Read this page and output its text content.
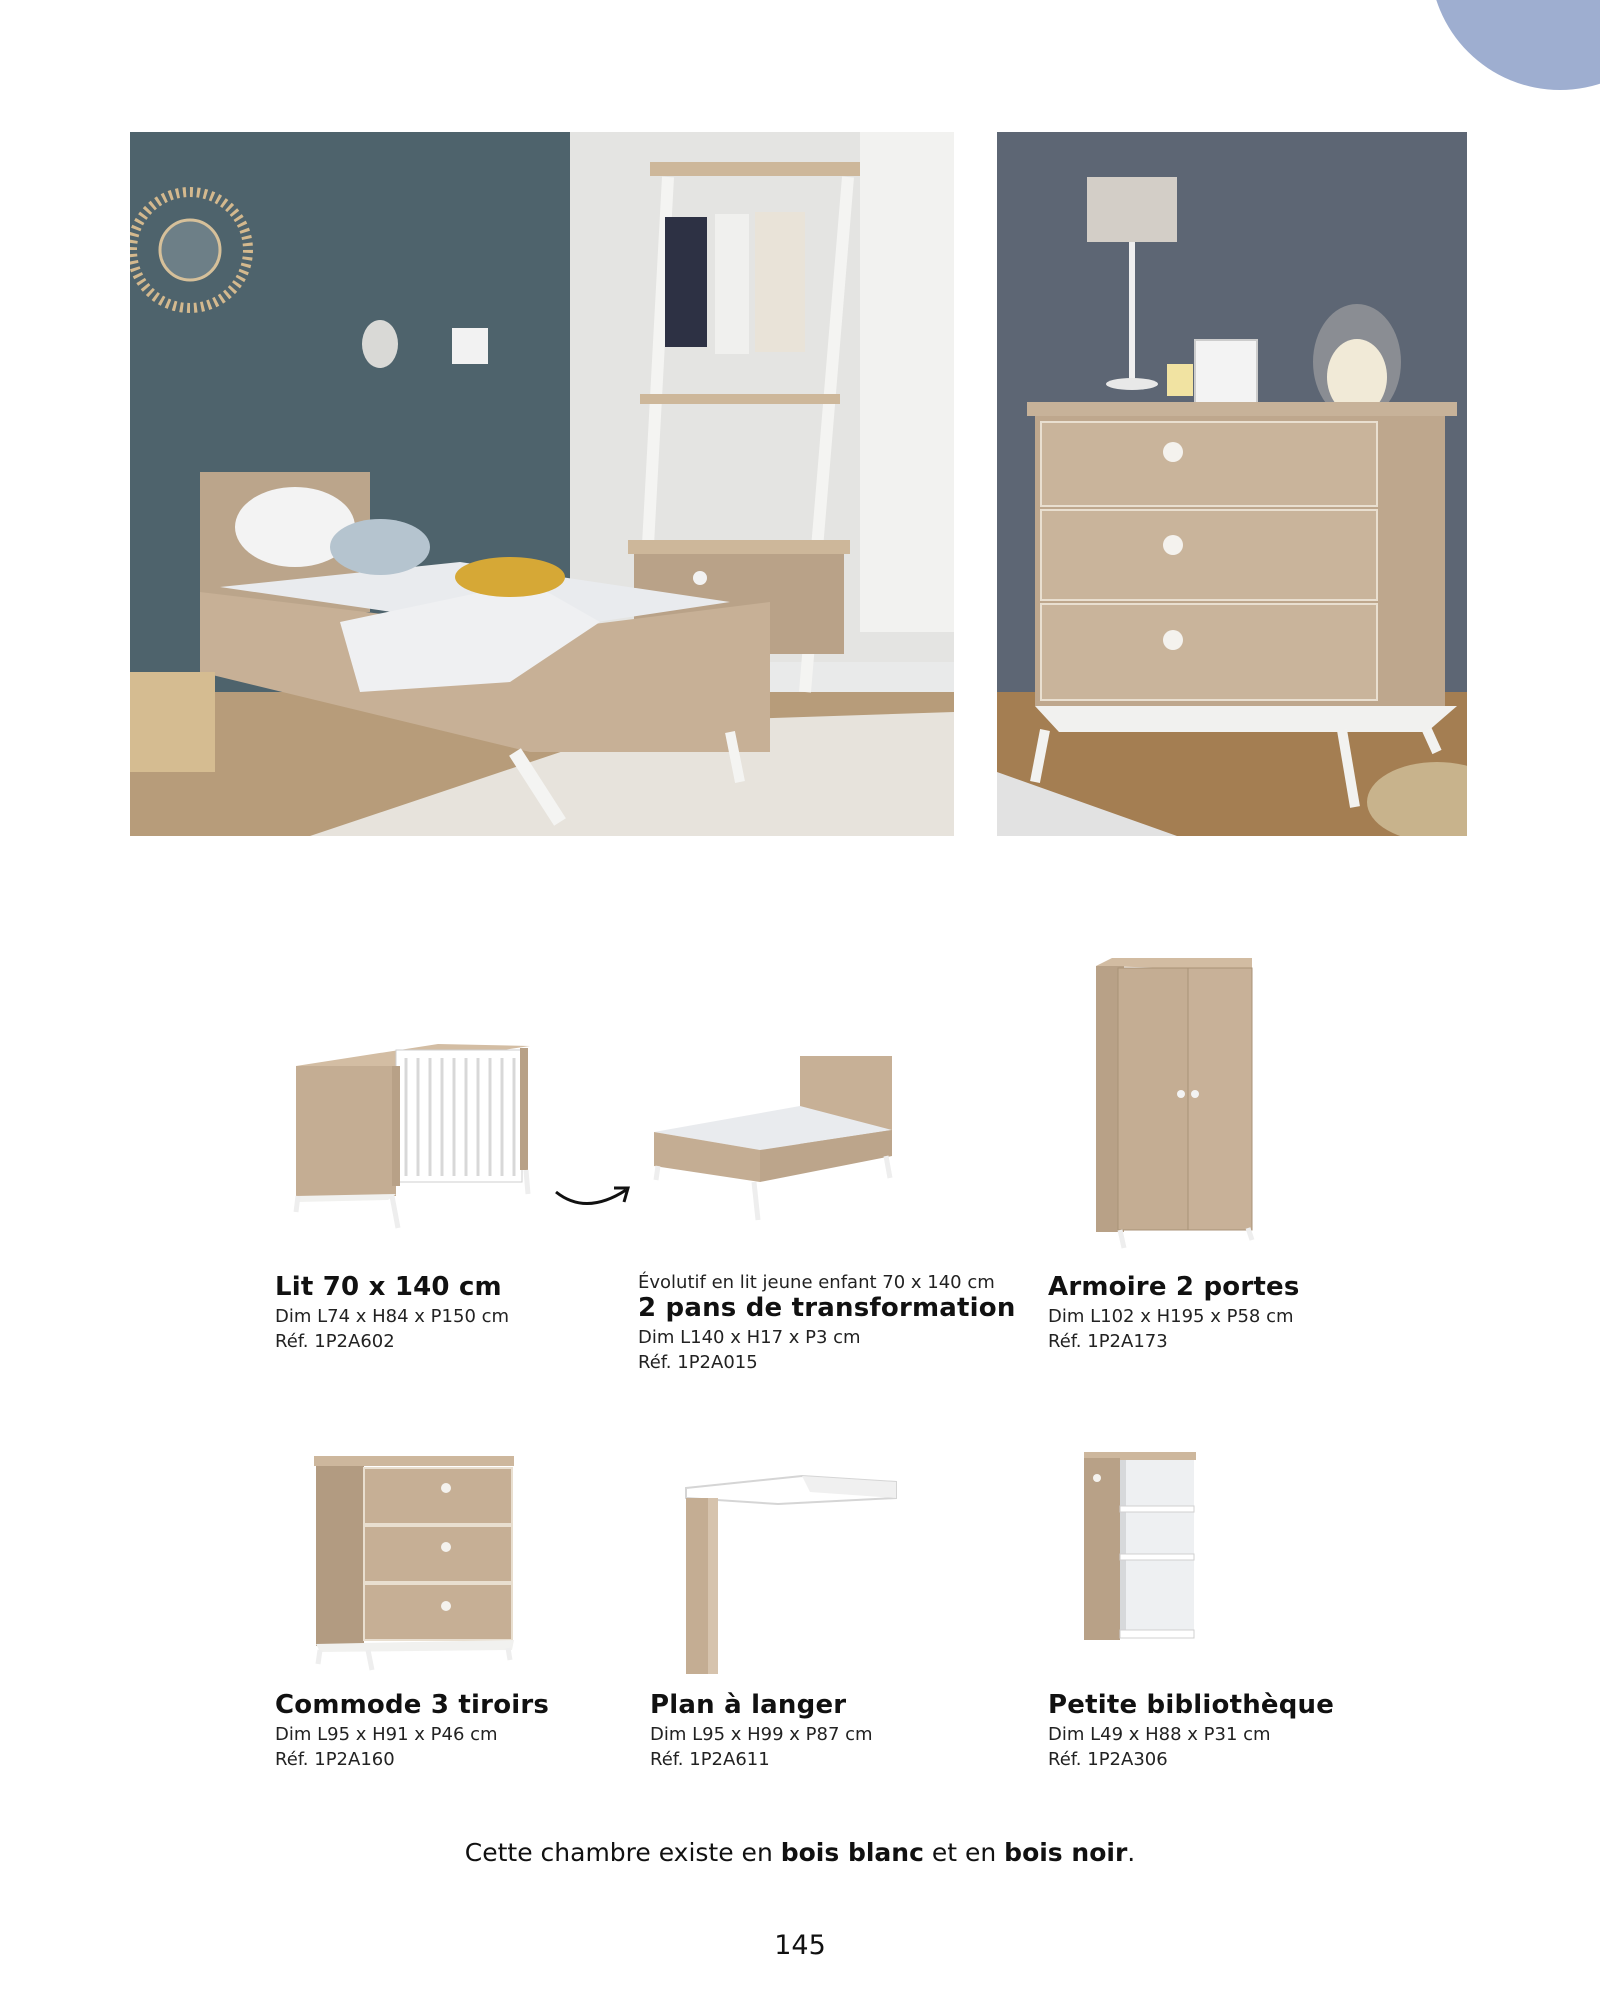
Lit 70 x 140 cm
Dim L74 x H84 x P150 cm
Réf. 1P2A602
Évolutif en lit jeune enfant 70 x 140 cm
2 pans de transformation
Dim L140 x H17 x P3 cm
Réf. 1P2A015
Armoire 2 portes
Dim L102 x H195 x P58 cm
Réf. 1P2A173
Commode 3 tiroirs
Dim L95 x H91 x P46 cm
Réf. 1P2A160
Plan à langer
Dim L95 x H99 x P87 cm
Réf. 1P2A611
Petite bibliothèque
Dim L49 x H88 x P31 cm
Réf. 1P2A306
Cette chambre existe en bois blanc et en bois noir.
145
